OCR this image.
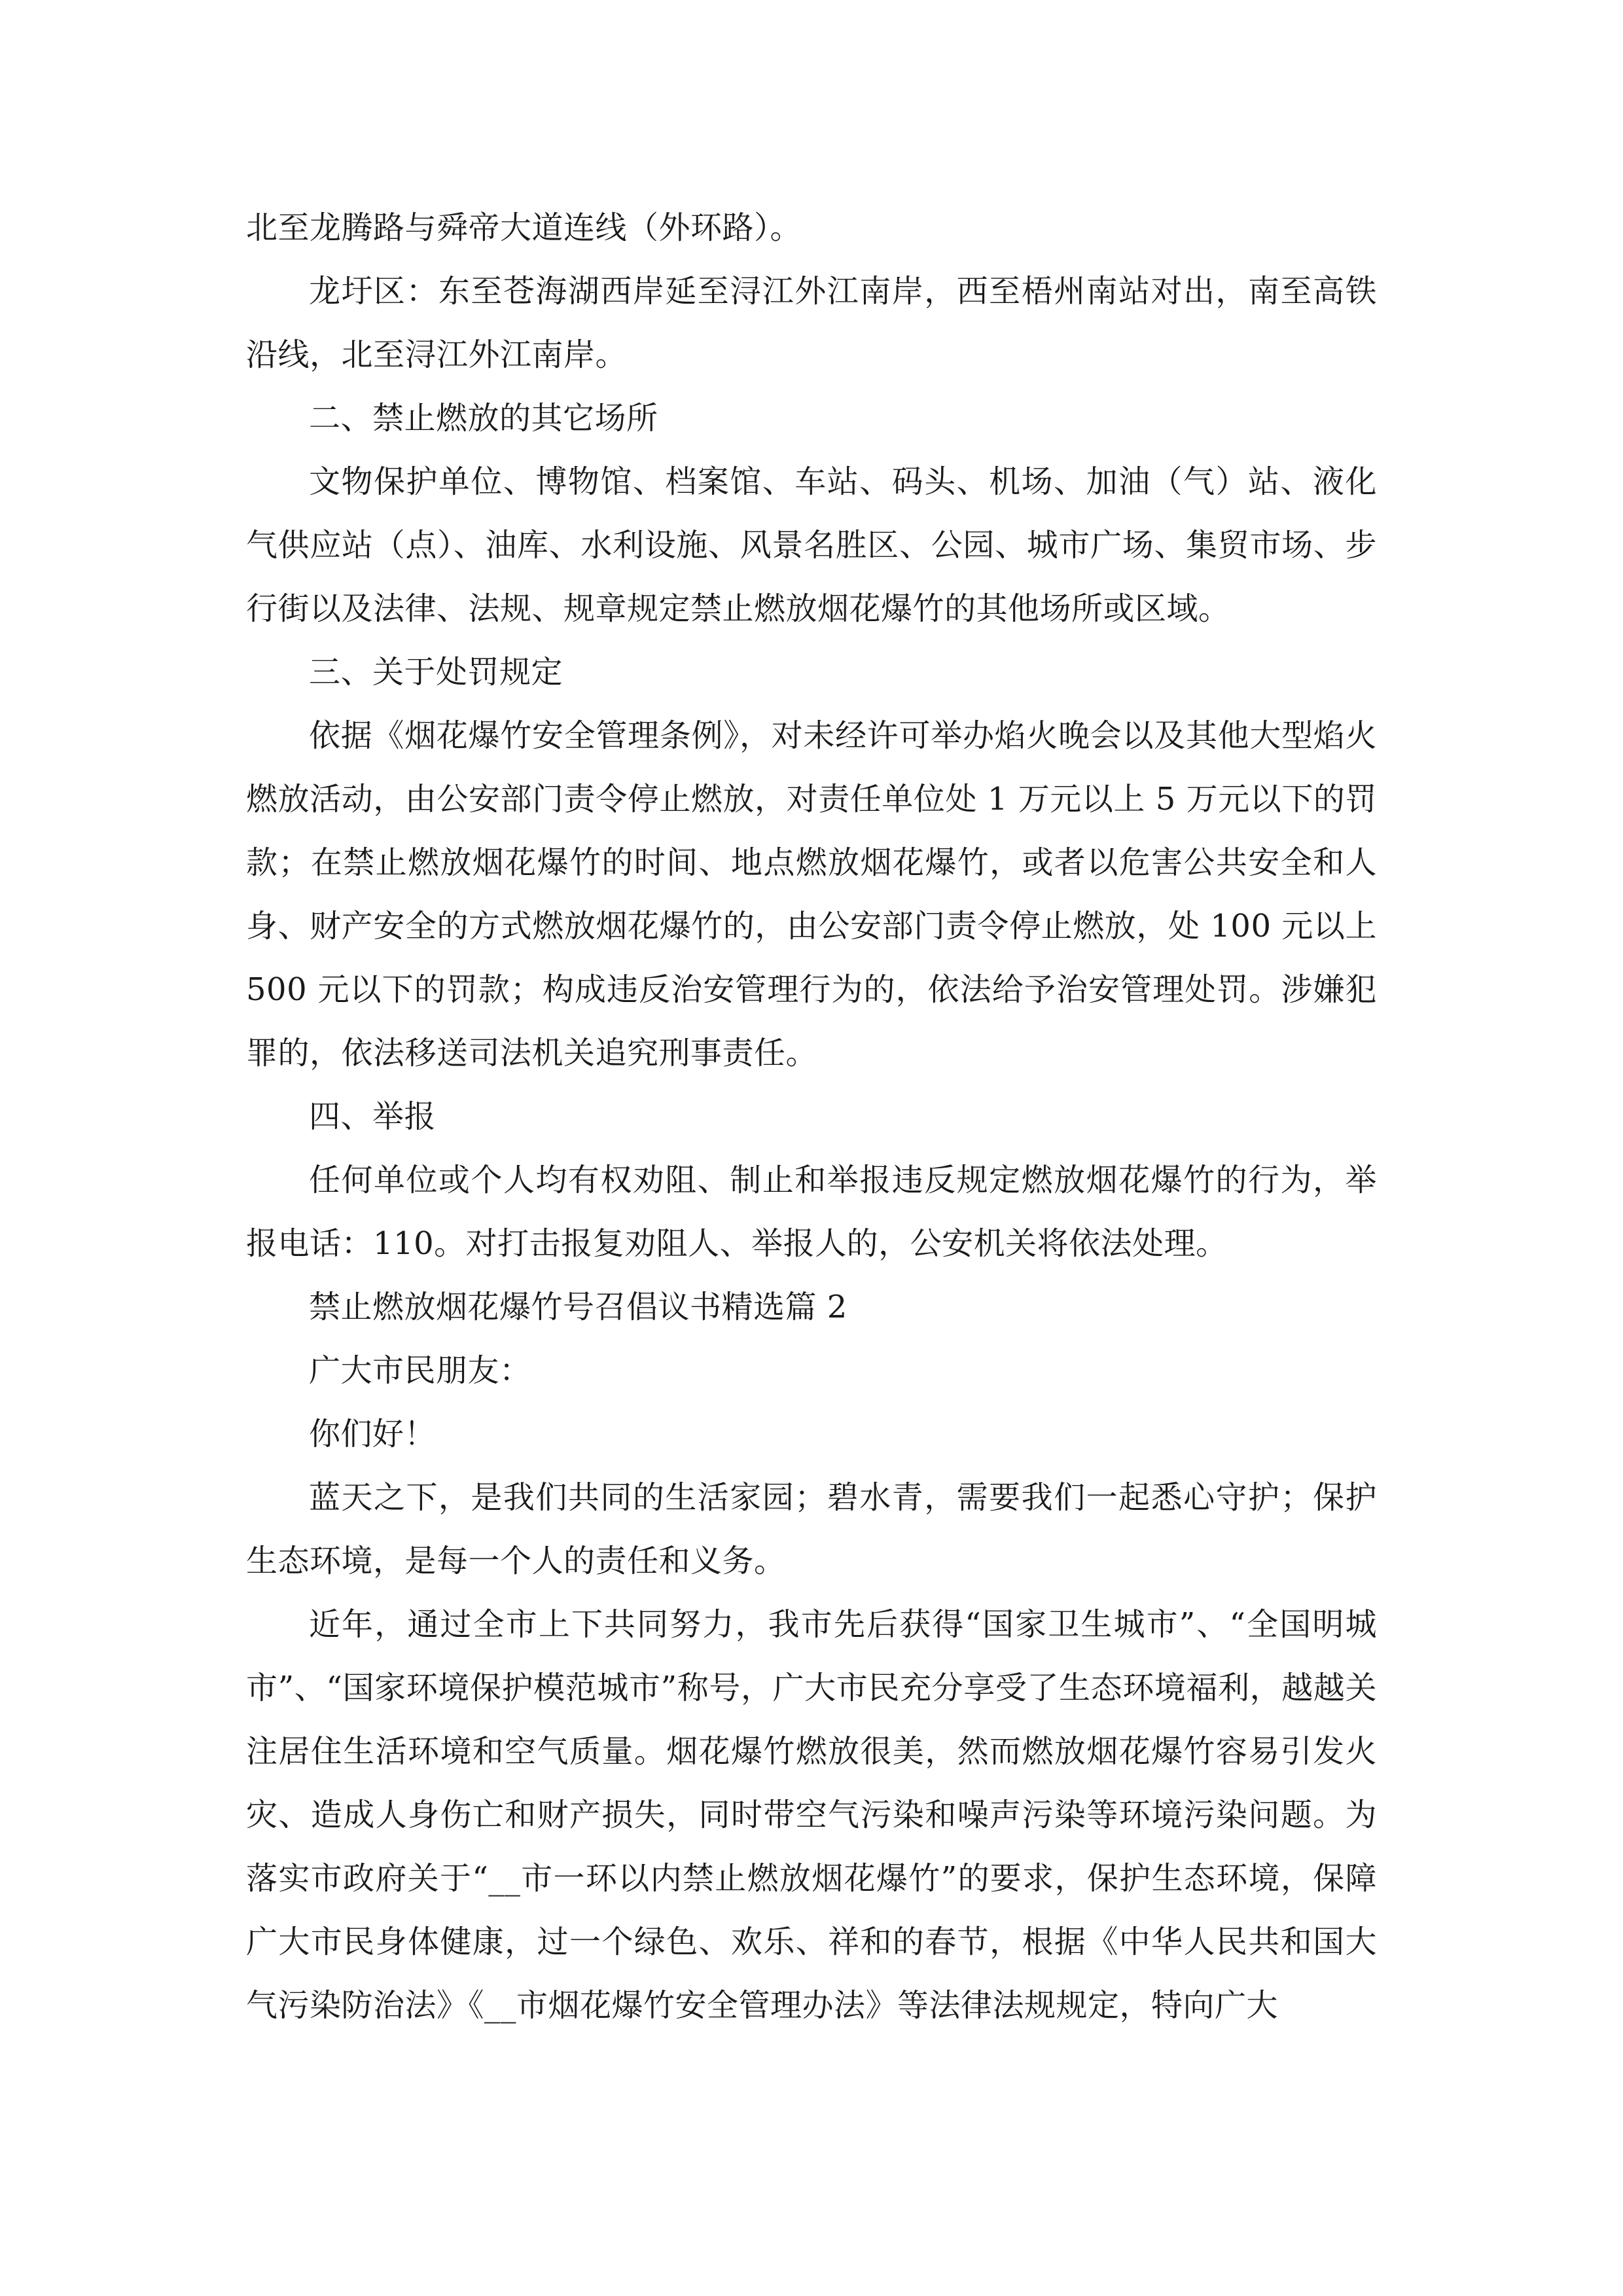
北至龙腾路与舜帝大道连线（外环路）。

龙圩区：东至苍海湖西岸延至浔江外江南岸，西至梧州南站对出，南至高铁沿线，北至浔江外江南岸。

二、禁止燃放的其它场所

文物保护单位、博物馆、档案馆、车站、码头、机场、加油（气）站、液化气供应站（点）、油库、水利设施、风景名胜区、公园、城市广场、集贸市场、步行街以及法律、法规、规章规定禁止燃放烟花爆竹的其他场所或区域。

三、关于处罚规定

依据《烟花爆竹安全管理条例》，对未经许可举办焰火晚会以及其他大型焰火燃放活动，由公安部门责令停止燃放，对责任单位处 1 万元以上 5 万元以下的罚款；在禁止燃放烟花爆竹的时间、地点燃放烟花爆竹，或者以危害公共安全和人身、财产安全的方式燃放烟花爆竹的，由公安部门责令停止燃放，处 100 元以上 500 元以下的罚款；构成违反治安管理行为的，依法给予治安管理处罚。涉嫌犯罪的，依法移送司法机关追究刑事责任。

四、举报

任何单位或个人均有权劝阻、制止和举报违反规定燃放烟花爆竹的行为，举报电话：110。对打击报复劝阻人、举报人的，公安机关将依法处理。

禁止燃放烟花爆竹号召倡议书精选篇 2

广大市民朋友：

你们好！

蓝天之下，是我们共同的生活家园；碧水青，需要我们一起悉心守护；保护生态环境，是每一个人的责任和义务。

近年，通过全市上下共同努力，我市先后获得“国家卫生城市”、“全国明城市”、“国家环境保护模范城市”称号，广大市民充分享受了生态环境福利，越越关注居住生活环境和空气质量。烟花爆竹燃放很美，然而燃放烟花爆竹容易引发火灾、造成人身伤亡和财产损失，同时带空气污染和噪声污染等环境污染问题。为落实市政府关于“__市一环以内禁止燃放烟花爆竹”的要求，保护生态环境，保障广大市民身体健康，过一个绿色、欢乐、祥和的春节，根据《中华人民共和国大气污染防治法》《__市烟花爆竹安全管理办法》等法律法规规定，特向广大
